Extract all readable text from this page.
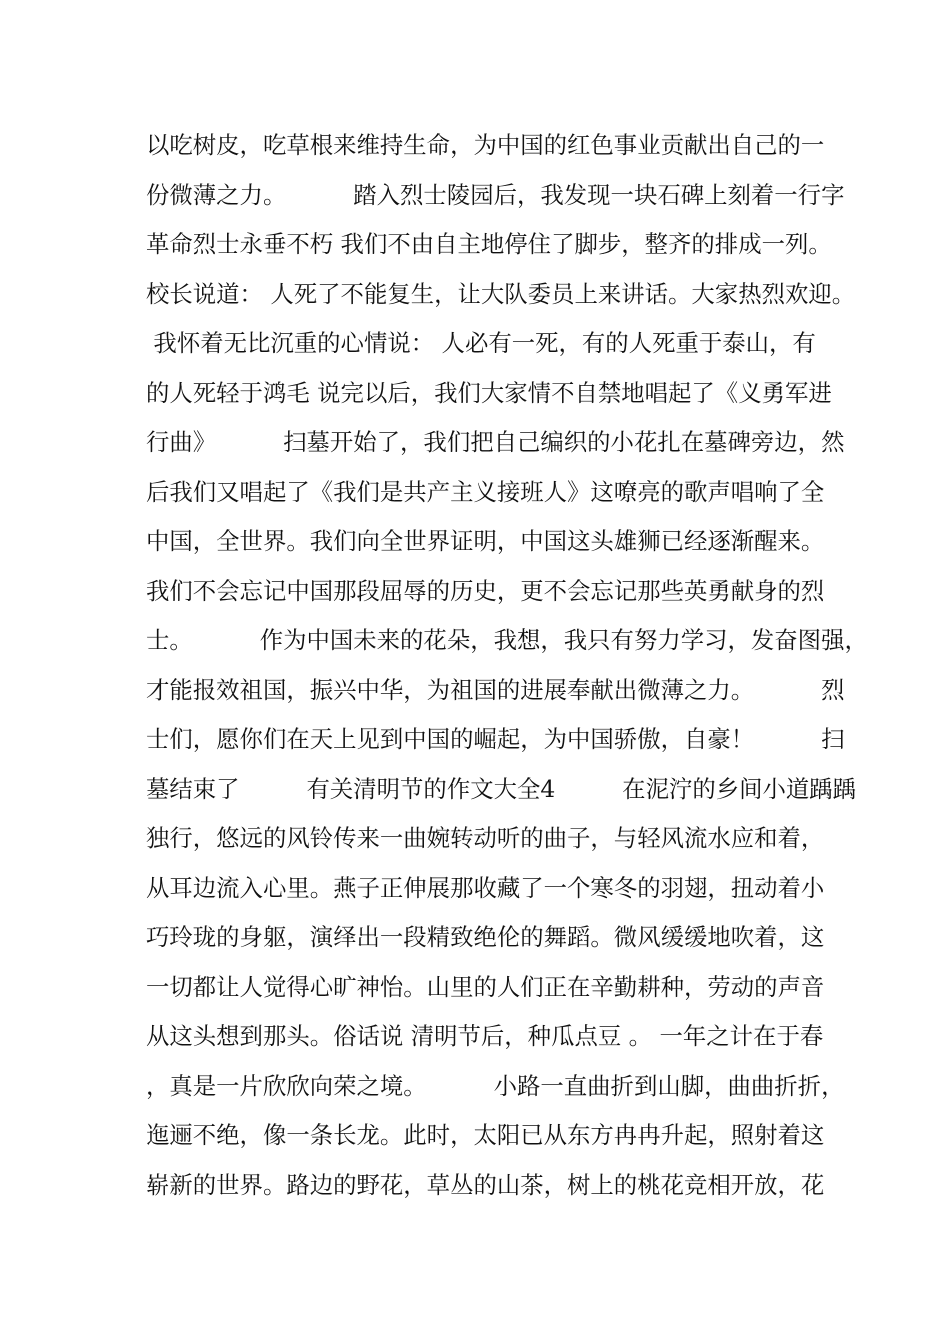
以吃树皮，吃草根来维持生命，为中国的红色事业贡献出自己的一
份微薄之力。         踏入烈士陵园后，我发现一块石碑上刻着一行字
革命烈士永垂不朽 我们不由自主地停住了脚步，整齐的排成一列。
校长说道： 人死了不能复生，让大队委员上来讲话。大家热烈欢迎。
我怀着无比沉重的心情说： 人必有一死，有的人死重于泰山，有
的人死轻于鸿毛 说完以后，我们大家情不自禁地唱起了《义勇军进
行曲》         扫墓开始了，我们把自己编织的小花扎在墓碑旁边，然
后我们又唱起了《我们是共产主义接班人》这嘹亮的歌声唱响了全
中国，全世界。我们向全世界证明，中国这头雄狮已经逐渐醒来。
我们不会忘记中国那段屈辱的历史，更不会忘记那些英勇献身的烈
士。         作为中国未来的花朵，我想，我只有努力学习，发奋图强，
才能报效祖国，振兴中华，为祖国的进展奉献出微薄之力。         烈
士们，愿你们在天上见到中国的崛起，为中国骄傲，自豪！         扫
墓结束了         有关清明节的作文大全4         在泥泞的乡间小道踽踽
独行，悠远的风铃传来一曲婉转动听的曲子，与轻风流水应和着，
从耳边流入心里。燕子正伸展那收藏了一个寒冬的羽翅，扭动着小
巧玲珑的身躯，演绎出一段精致绝伦的舞蹈。微风缓缓地吹着，这
一切都让人觉得心旷神怡。山里的人们正在辛勤耕种，劳动的声音
从这头想到那头。俗话说 清明节后，种瓜点豆 。 一年之计在于春
，真是一片欣欣向荣之境。         小路一直曲折到山脚，曲曲折折，
迤逦不绝，像一条长龙。此时，太阳已从东方冉冉升起，照射着这
崭新的世界。路边的野花，草丛的山茶，树上的桃花竞相开放，花
